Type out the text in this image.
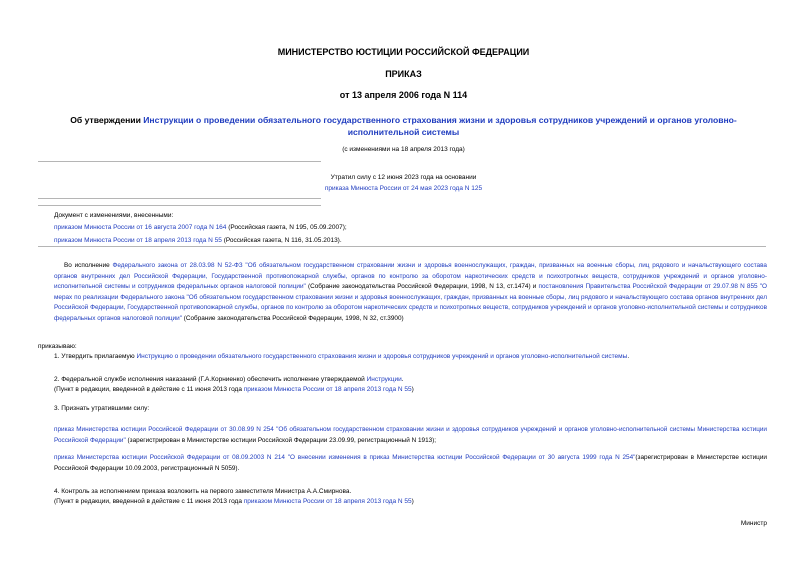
МИНИСТЕРСТВО ЮСТИЦИИ РОССИЙСКОЙ ФЕДЕРАЦИИ
ПРИКАЗ
от 13 апреля 2006 года N 114
Об утверждении Инструкции о проведении обязательного государственного страхования жизни и здоровья сотрудников учреждений и органов уголовно-исполнительной системы
(с изменениями на 18 апреля 2013 года)
Утратил силу с 12 июня 2023 года на основании
приказа Минюста России от 24 мая 2023 года N 125
Документ с изменениями, внесенными:
приказом Минюста России от 16 августа 2007 года N 164 (Российская газета, N 195, 05.09.2007);
приказом Минюста России от 18 апреля 2013 года N 55 (Российская газета, N 116, 31.05.2013).
Во исполнение Федерального закона от 28.03.98 N 52-ФЗ "Об обязательном государственном страховании жизни и здоровья военнослужащих, граждан, призванных на военные сборы, лиц рядового и начальствующего состава органов внутренних дел Российской Федерации, Государственной противопожарной службы, органов по контролю за оборотом наркотических средств и психотропных веществ, сотрудников учреждений и органов уголовно-исполнительной системы и сотрудников федеральных органов налоговой полиции" (Собрание законодательства Российской Федерации, 1998, N 13, ст.1474) и постановления Правительства Российской Федерации от 29.07.98 N 855 "О мерах по реализации Федерального закона "Об обязательном государственном страховании жизни и здоровья военнослужащих, граждан, призванных на военные сборы, лиц рядового и начальствующего состава органов внутренних дел Российской Федерации, Государственной противопожарной службы, органов по контролю за оборотом наркотических средств и психотропных веществ, сотрудников учреждений и органов уголовно-исполнительной системы и сотрудников федеральных органов налоговой полиции" (Собрание законодательства Российской Федерации, 1998, N 32, ст.3900)
приказываю:
1. Утвердить прилагаемую Инструкцию о проведении обязательного государственного страхования жизни и здоровья сотрудников учреждений и органов уголовно-исполнительной системы.
2. Федеральной службе исполнения наказаний (Г.А.Корниенко) обеспечить исполнение утверждаемой Инструкции.
(Пункт в редакции, введенной в действие с 11 июня 2013 года приказом Минюста России от 18 апреля 2013 года N 55)
3. Признать утратившими силу:
приказ Министерства юстиции Российской Федерации от 30.08.99 N 254 "Об обязательном государственном страховании жизни и здоровья сотрудников учреждений и органов уголовно-исполнительной системы Министерства юстиции Российской Федерации" (зарегистрирован в Министерстве юстиции Российской Федерации 23.09.99, регистрационный N 1913);
приказ Министерства юстиции Российской Федерации от 08.09.2003 N 214 "О внесении изменения в приказ Министерства юстиции Российской Федерации от 30 августа 1999 года N 254"(зарегистрирован в Министерстве юстиции Российской Федерации 10.09.2003, регистрационный N 5059).
4. Контроль за исполнением приказа возложить на первого заместителя Министра А.А.Смирнова.
(Пункт в редакции, введенной в действие с 11 июня 2013 года приказом Минюста России от 18 апреля 2013 года N 55)
Министр
